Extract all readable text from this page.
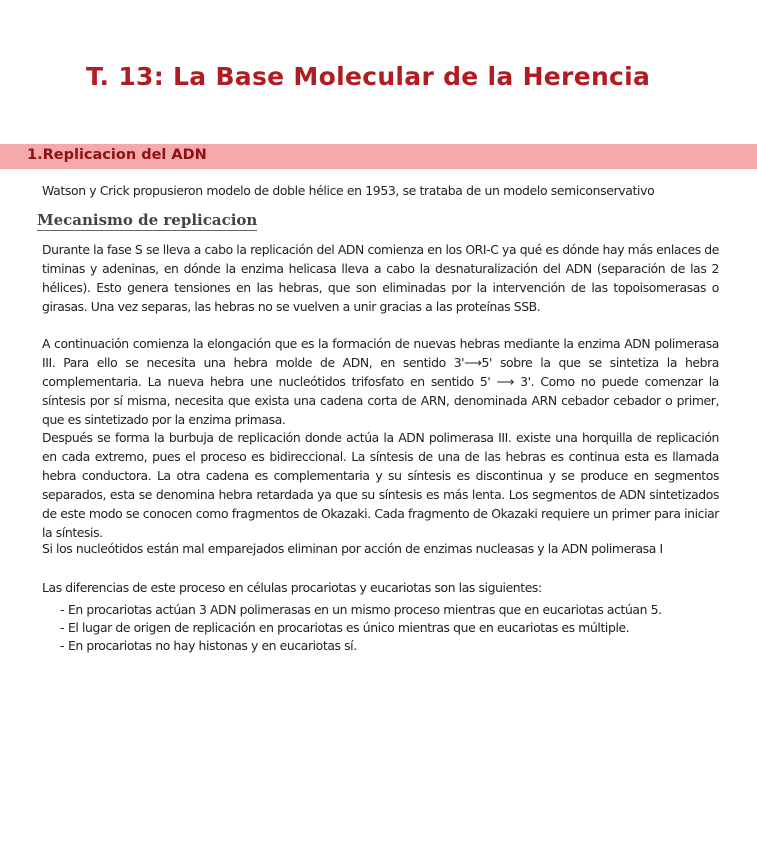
T. 13: La Base Molecular de la Herencia
1.Replicacion del ADN

Watson y Crick propusieron modelo de doble hélice en 1953, se trataba de un modelo semiconservativo

Mecanismo de replicacion

Durante la fase S se lleva a cabo la replicación del ADN comienza en los ORI-C ya qué es dónde hay más enlaces de timinas y adeninas, en dónde la enzima helicasa lleva a cabo la desnaturalización del ADN (separación de las 2 hélices). Esto genera tensiones en las hebras, que son eliminadas por la intervención de las topoisomerasas o girasas. Una vez separas, las hebras no se vuelven a unir gracias a las proteínas SSB.

A continuación comienza la elongación que es la formación de nuevas hebras mediante la enzima ADN polimerasa III. Para ello se necesita una hebra molde de ADN, en sentido 3'⟶5' sobre la que se sintetiza la hebra complementaria. La nueva hebra une nucleótidos trifosfato en sentido 5' ⟶ 3'. Como no puede comenzar la síntesis por sí misma, necesita que exista una cadena corta de ARN, denominada ARN cebador cebador o primer, que es sintetizado por la enzima primasa.

Después se forma la burbuja de replicación donde actúa la ADN polimerasa III. existe una horquilla de replicación en cada extremo, pues el proceso es bidireccional. La síntesis de una de las hebras es continua esta es llamada hebra conductora. La otra cadena es complementaria y su síntesis es discontinua y se produce en segmentos separados, esta se denomina hebra retardada ya que su síntesis es más lenta. Los segmentos de ADN sintetizados de este modo se conocen como fragmentos de Okazaki. Cada fragmento de Okazaki requiere un primer para iniciar la síntesis.

Si los nucleótidos están mal emparejados eliminan por acción de enzimas nucleasas y la ADN polimerasa I

Las diferencias de este proceso en células procariotas y eucariotas son las siguientes:

- En procariotas actúan 3 ADN polimerasas en un mismo proceso mientras que en eucariotas actúan 5.
- El lugar de origen de replicación en procariotas es único mientras que en eucariotas es múltiple.
- En procariotas no hay histonas y en eucariotas sí.
